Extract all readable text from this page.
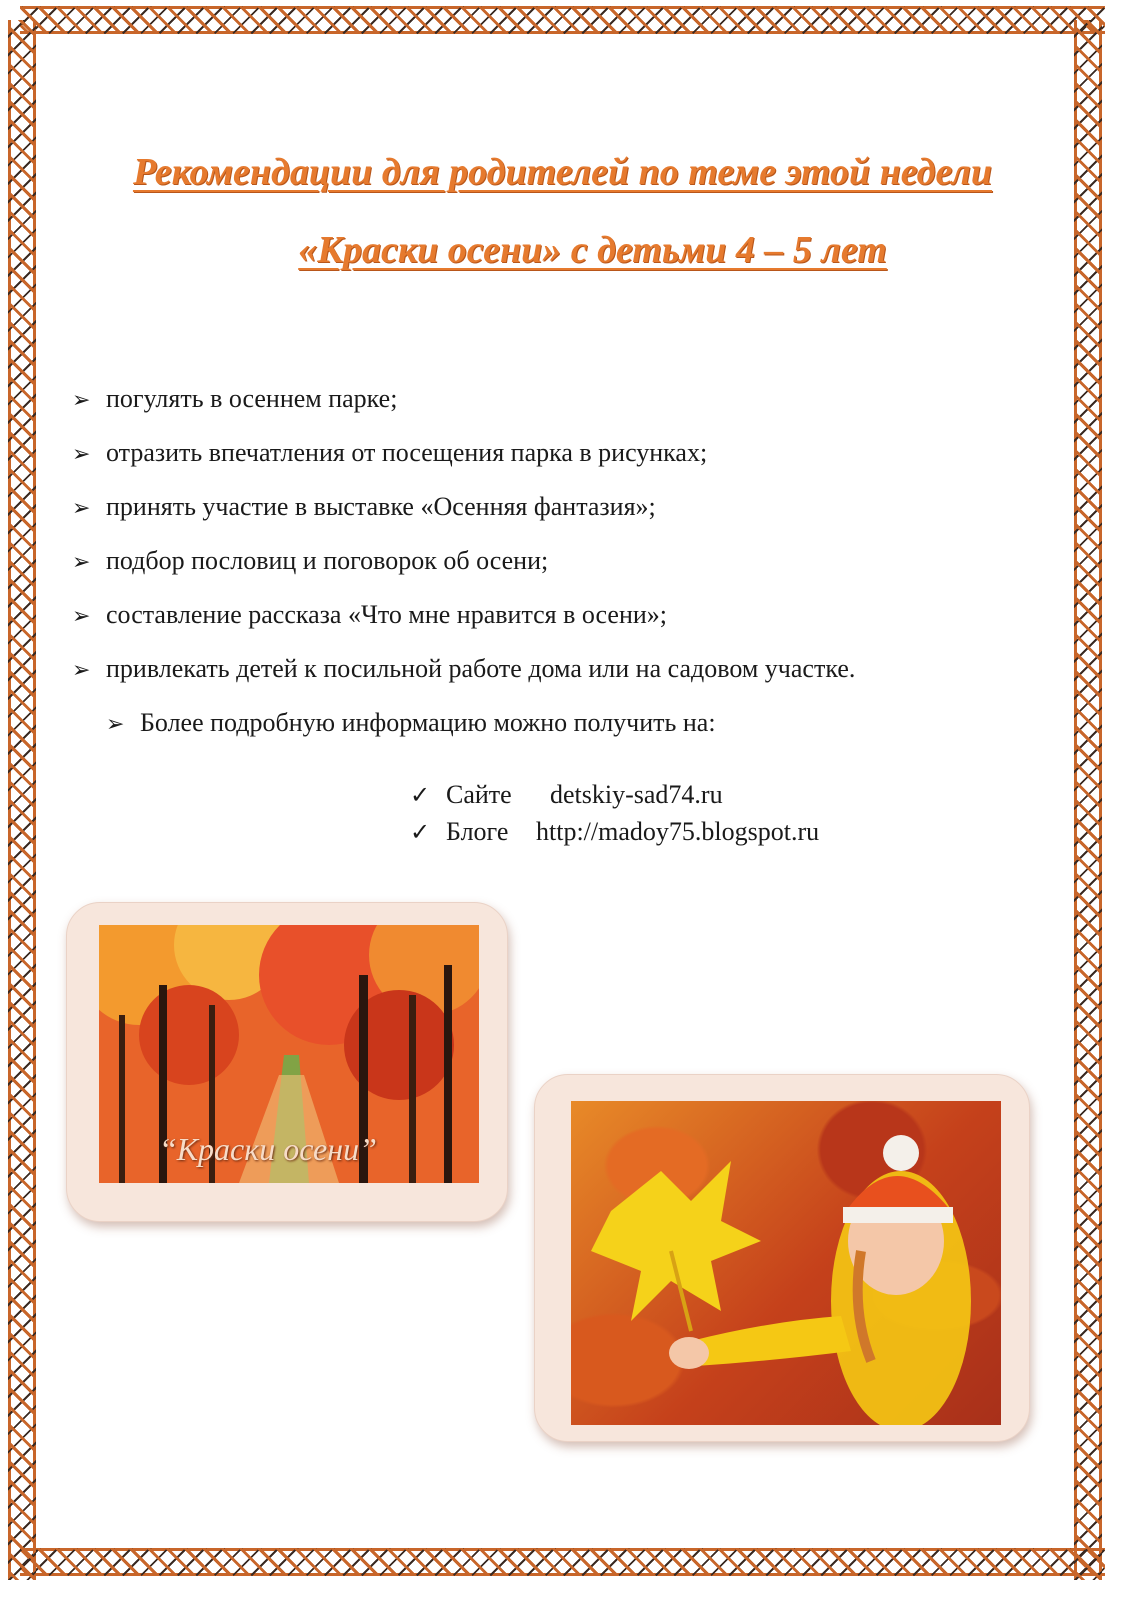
Рекомендации для родителей по теме этой недели
«Краски осени» с детьми 4 – 5 лет
➢ погулять в осеннем парке;
➢ отразить впечатления от посещения парка в рисунках;
➢ принять участие в выставке «Осенняя фантазия»;
➢ подбор пословиц и поговорок об осени;
➢ составление рассказа «Что мне нравится в осени»;
➢ привлекать детей к посильной работе дома или на садовом участке.
➢ Более подробную информацию можно получить на:
✓ Сайте	detskiy-sad74.ru
✓ Блоге	http://madoy75.blogspot.ru
“Краски осени”
